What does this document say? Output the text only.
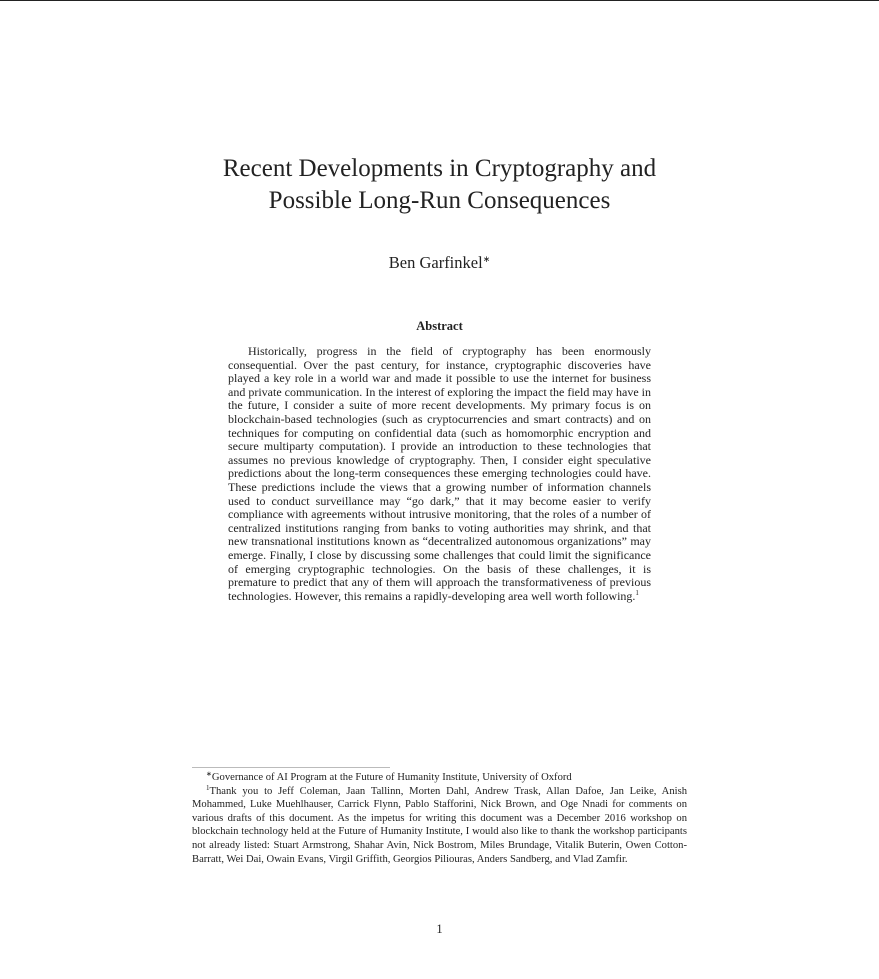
Recent Developments in Cryptography and
Possible Long-Run Consequences
Ben Garfinkel∗
Abstract
Historically, progress in the field of cryptography has been enormously consequential. Over the past century, for instance, cryptographic discoveries have played a key role in a world war and made it possible to use the internet for business and private communication. In the interest of exploring the impact the field may have in the future, I consider a suite of more recent developments. My primary focus is on blockchain-based technologies (such as cryptocurrencies and smart contracts) and on techniques for computing on confidential data (such as homomorphic encryption and secure multiparty computation). I provide an introduction to these technologies that assumes no previous knowledge of cryptography. Then, I consider eight speculative predictions about the long-term consequences these emerging technologies could have. These predictions include the views that a growing number of information channels used to conduct surveillance may “go dark,” that it may become easier to verify compliance with agreements without intrusive monitoring, that the roles of a number of centralized institutions ranging from banks to voting authorities may shrink, and that new transnational institutions known as “decentralized autonomous organizations” may emerge. Finally, I close by discussing some challenges that could limit the significance of emerging cryptographic technologies. On the basis of these challenges, it is premature to predict that any of them will approach the transformativeness of previous technologies. However, this remains a rapidly-developing area well worth following.$^1$

∗Governance of AI Program at the Future of Humanity Institute, University of Oxford

$^1$Thank you to Jeff Coleman, Jaan Tallinn, Morten Dahl, Andrew Trask, Allan Dafoe, Jan Leike, Anish Mohammed, Luke Muehlhauser, Carrick Flynn, Pablo Stafforini, Nick Brown, and Oge Nnadi for comments on various drafts of this document. As the impetus for writing this document was a December 2016 workshop on blockchain technology held at the Future of Humanity Institute, I would also like to thank the workshop participants not already listed: Stuart Armstrong, Shahar Avin, Nick Bostrom, Miles Brundage, Vitalik Buterin, Owen Cotton-Barratt, Wei Dai, Owain Evans, Virgil Griffith, Georgios Piliouras, Anders Sandberg, and Vlad Zamfir.

1
